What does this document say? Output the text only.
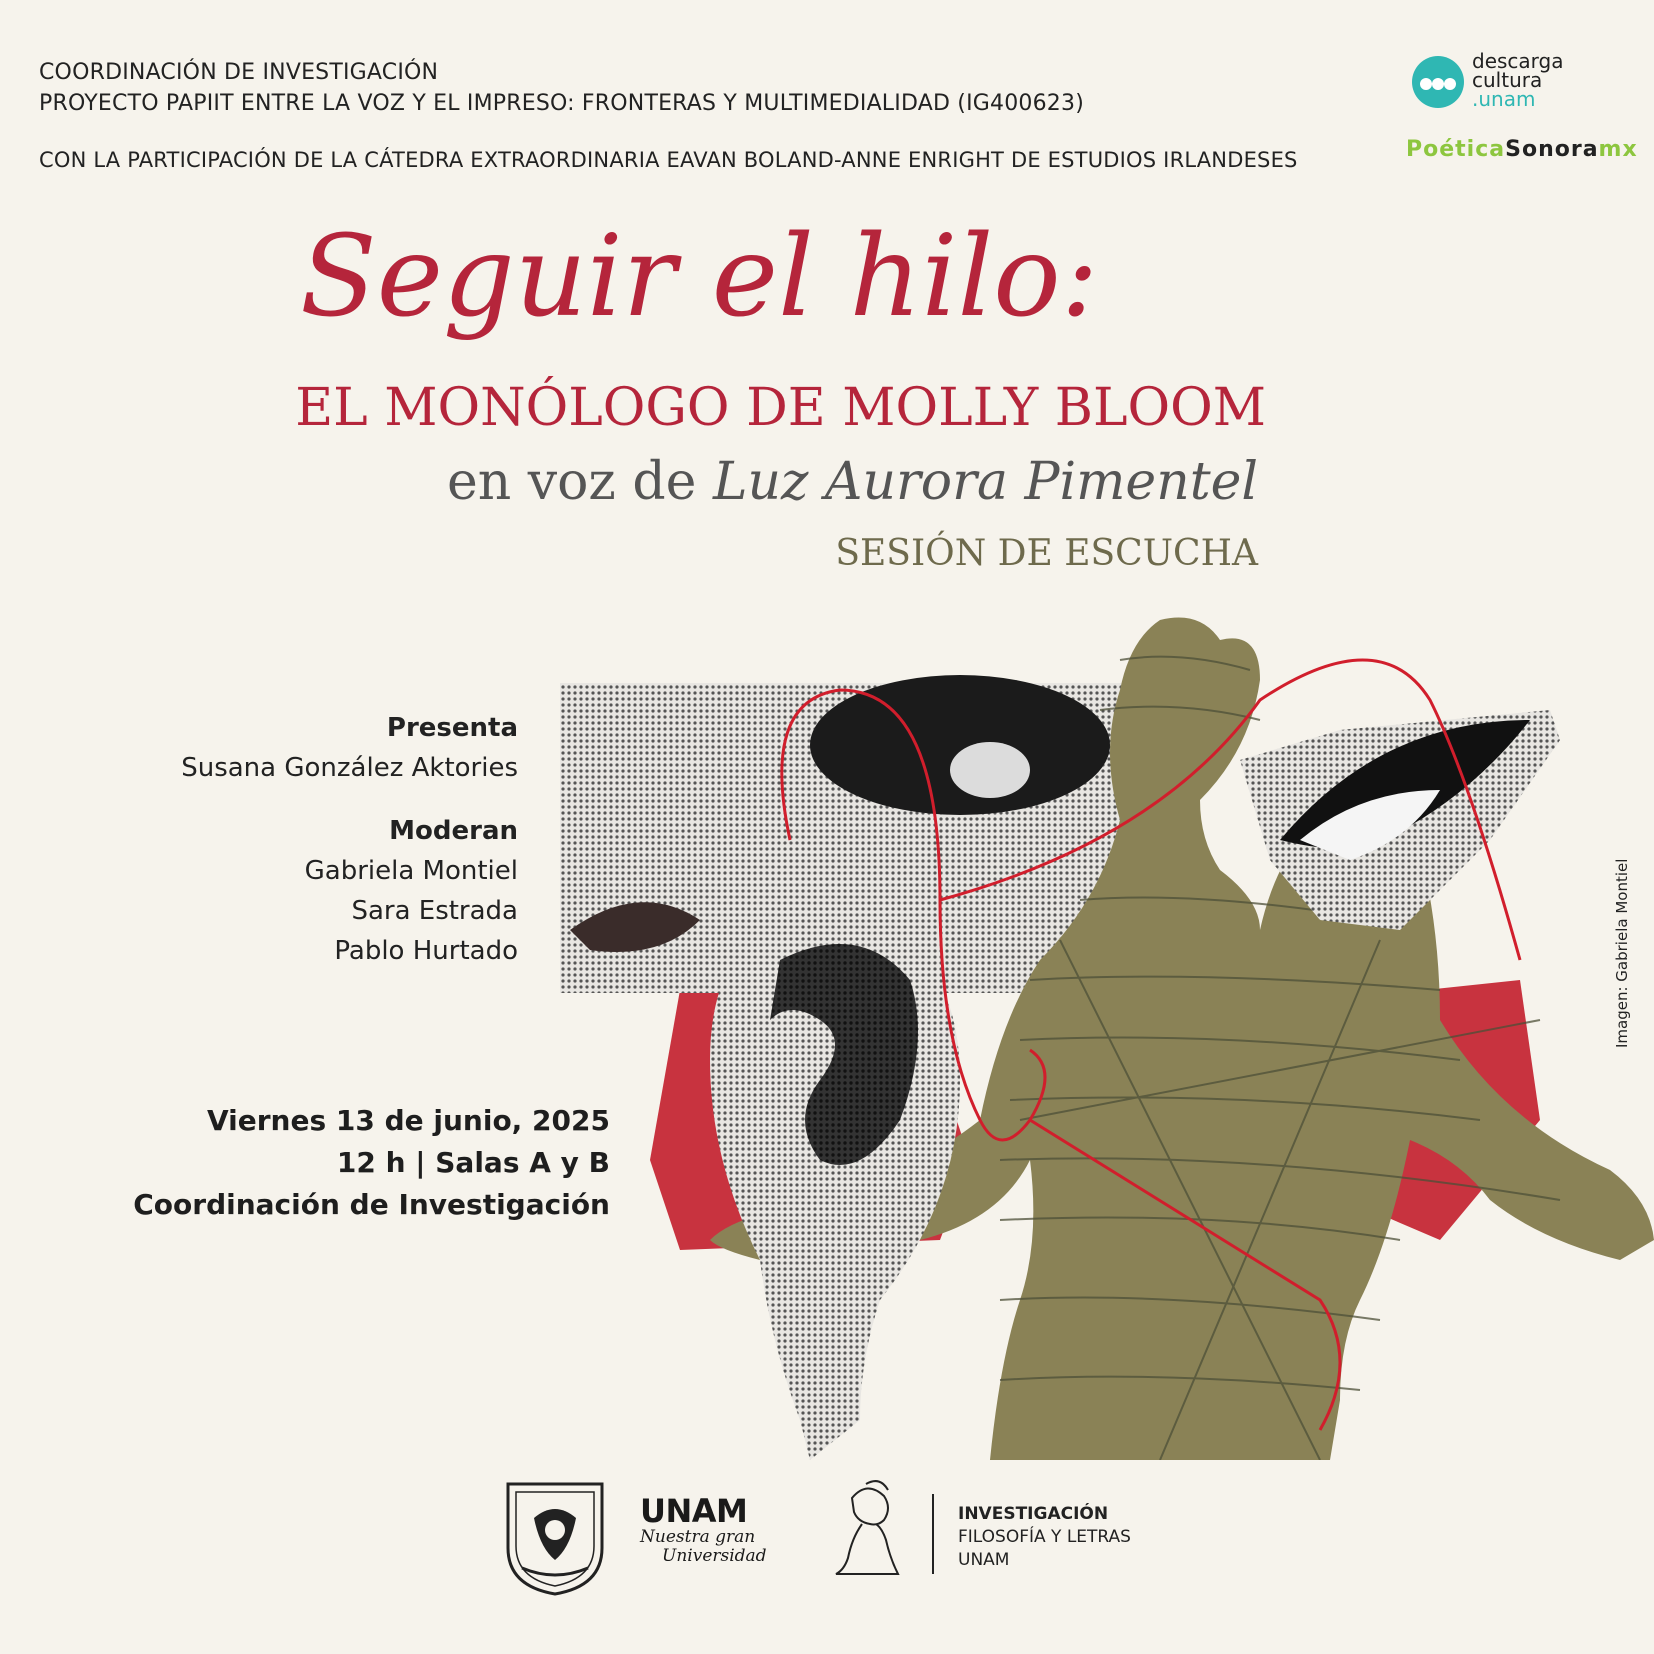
COORDINACIÓN DE INVESTIGACIÓN
PROYECTO PAPIIT ENTRE LA VOZ Y EL IMPRESO: FRONTERAS Y MULTIMEDIALIDAD (IG400623)
CON LA PARTICIPACIÓN DE LA CÁTEDRA EXTRAORDINARIA EAVAN BOLAND-ANNE ENRIGHT DE ESTUDIOS IRLANDESES
descarga
cultura
.unam
PoéticaSonoramx
Seguir el hilo:
EL MONÓLOGO DE MOLLY BLOOM
en voz de Luz Aurora Pimentel
SESIÓN DE ESCUCHA
Presenta
Susana González Aktories
Moderan
Gabriela Montiel
Sara Estrada
Pablo Hurtado
Viernes 13 de junio, 2025
12 h | Salas A y B
Coordinación de Investigación
Imagen: Gabriela Montiel
UNAM
Nuestra gran
Universidad
INVESTIGACIÓN
FILOSOFÍA Y LETRAS
UNAM
